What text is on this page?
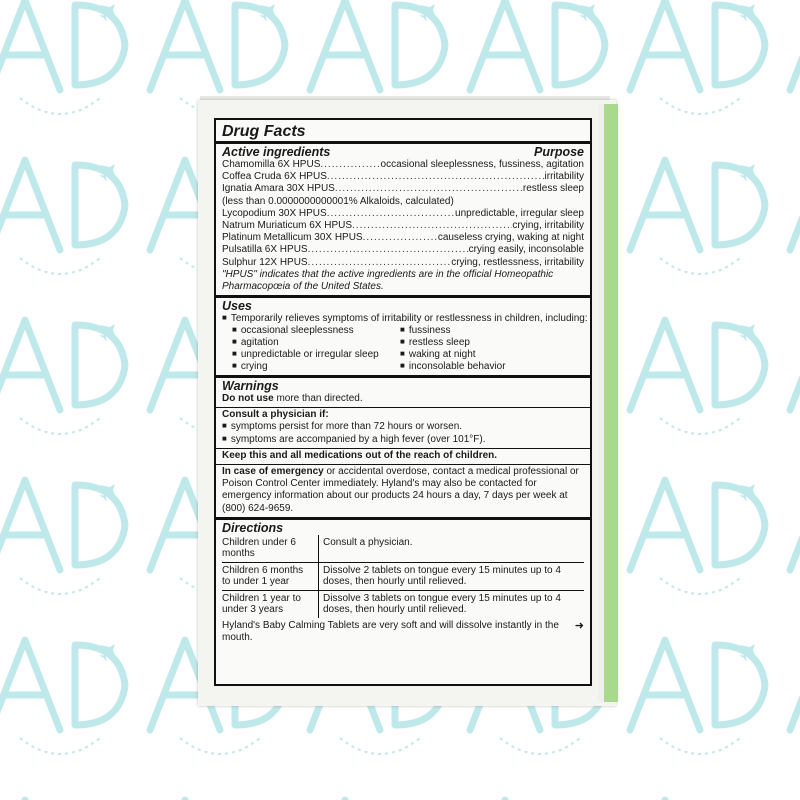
Drug Facts
Active ingredients	Purpose
Chamomilla 6X HPUS .....	occasional sleeplessness, fussiness, agitation
Coffea Cruda 6X HPUS .....	irritability
Ignatia Amara 30X HPUS .....	restless sleep
(less than 0.0000000000001% Alkaloids, calculated)
Lycopodium 30X HPUS .....	unpredictable, irregular sleep
Natrum Muriaticum 6X HPUS .....	crying, irritability
Platinum Metallicum 30X HPUS .....	causeless crying, waking at night
Pulsatilla 6X HPUS .....	crying easily, inconsolable
Sulphur 12X HPUS .....	crying, restlessness, irritability
"HPUS" indicates that the active ingredients are in the official Homeopathic Pharmacopœia of the United States.
Uses
■ Temporarily relieves symptoms of irritability or restlessness in children, including:
■ occasional sleeplessness	■ fussiness
■ agitation	■ restless sleep
■ unpredictable or irregular sleep	■ waking at night
■ crying	■ inconsolable behavior
Warnings
Do not use more than directed.
Consult a physician if:
■ symptoms persist for more than 72 hours or worsen.
■ symptoms are accompanied by a high fever (over 101°F).
Keep this and all medications out of the reach of children.
In case of emergency or accidental overdose, contact a medical professional or Poison Control Center immediately. Hyland's may also be contacted for emergency information about our products 24 hours a day, 7 days per week at (800) 624-9659.
Directions
Children under 6 months	Consult a physician.
Children 6 months to under 1 year	Dissolve 2 tablets on tongue every 15 minutes up to 4 doses, then hourly until relieved.
Children 1 year to under 3 years	Dissolve 3 tablets on tongue every 15 minutes up to 4 doses, then hourly until relieved.
Hyland's Baby Calming Tablets are very soft and will dissolve instantly in the mouth.
➜
